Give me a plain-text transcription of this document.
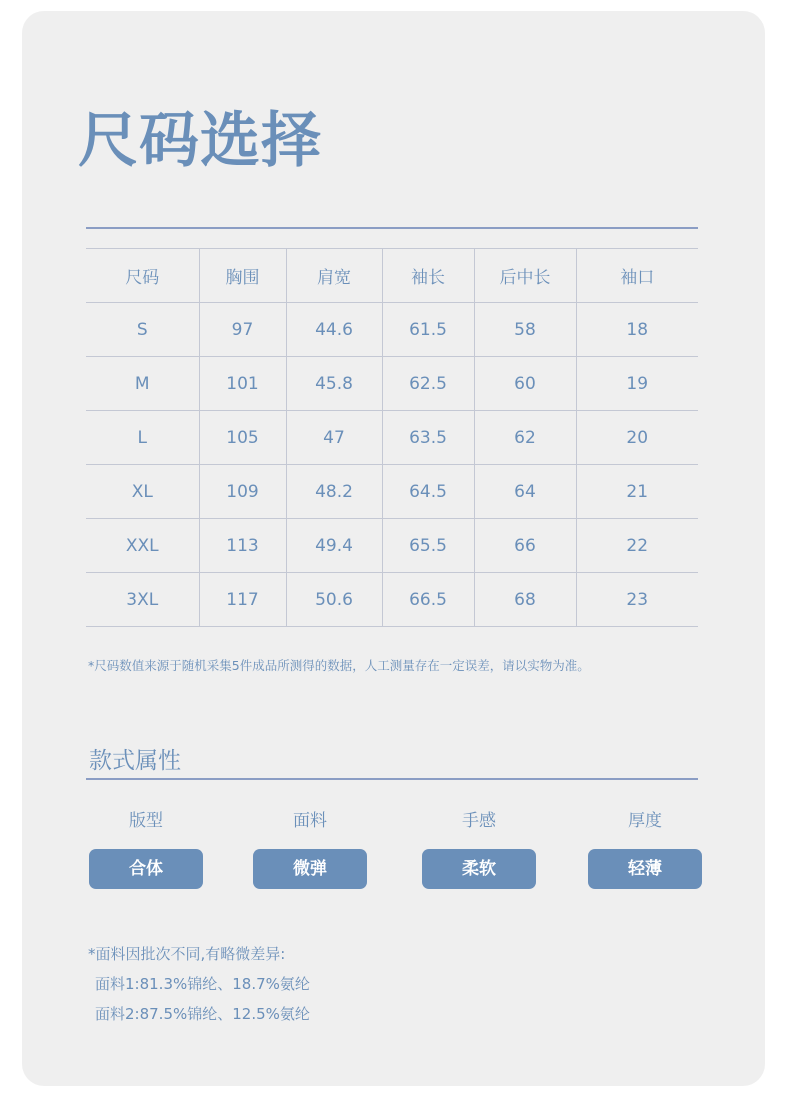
尺码选择
尺码	胸围	肩宽	袖长	后中长	袖口
S	97	44.6	61.5	58	18
M	101	45.8	62.5	60	19
L	105	47	63.5	62	20
XL	109	48.2	64.5	64	21
XXL	113	49.4	65.5	66	22
3XL	117	50.6	66.5	68	23
*尺码数值来源于随机采集5件成品所测得的数据，人工测量存在一定误差，请以实物为准。
款式属性
版型
合体
面料
微弹
手感
柔软
厚度
轻薄
*面料因批次不同,有略微差异:
面料1:81.3%锦纶、18.7%氨纶
面料2:87.5%锦纶、12.5%氨纶
